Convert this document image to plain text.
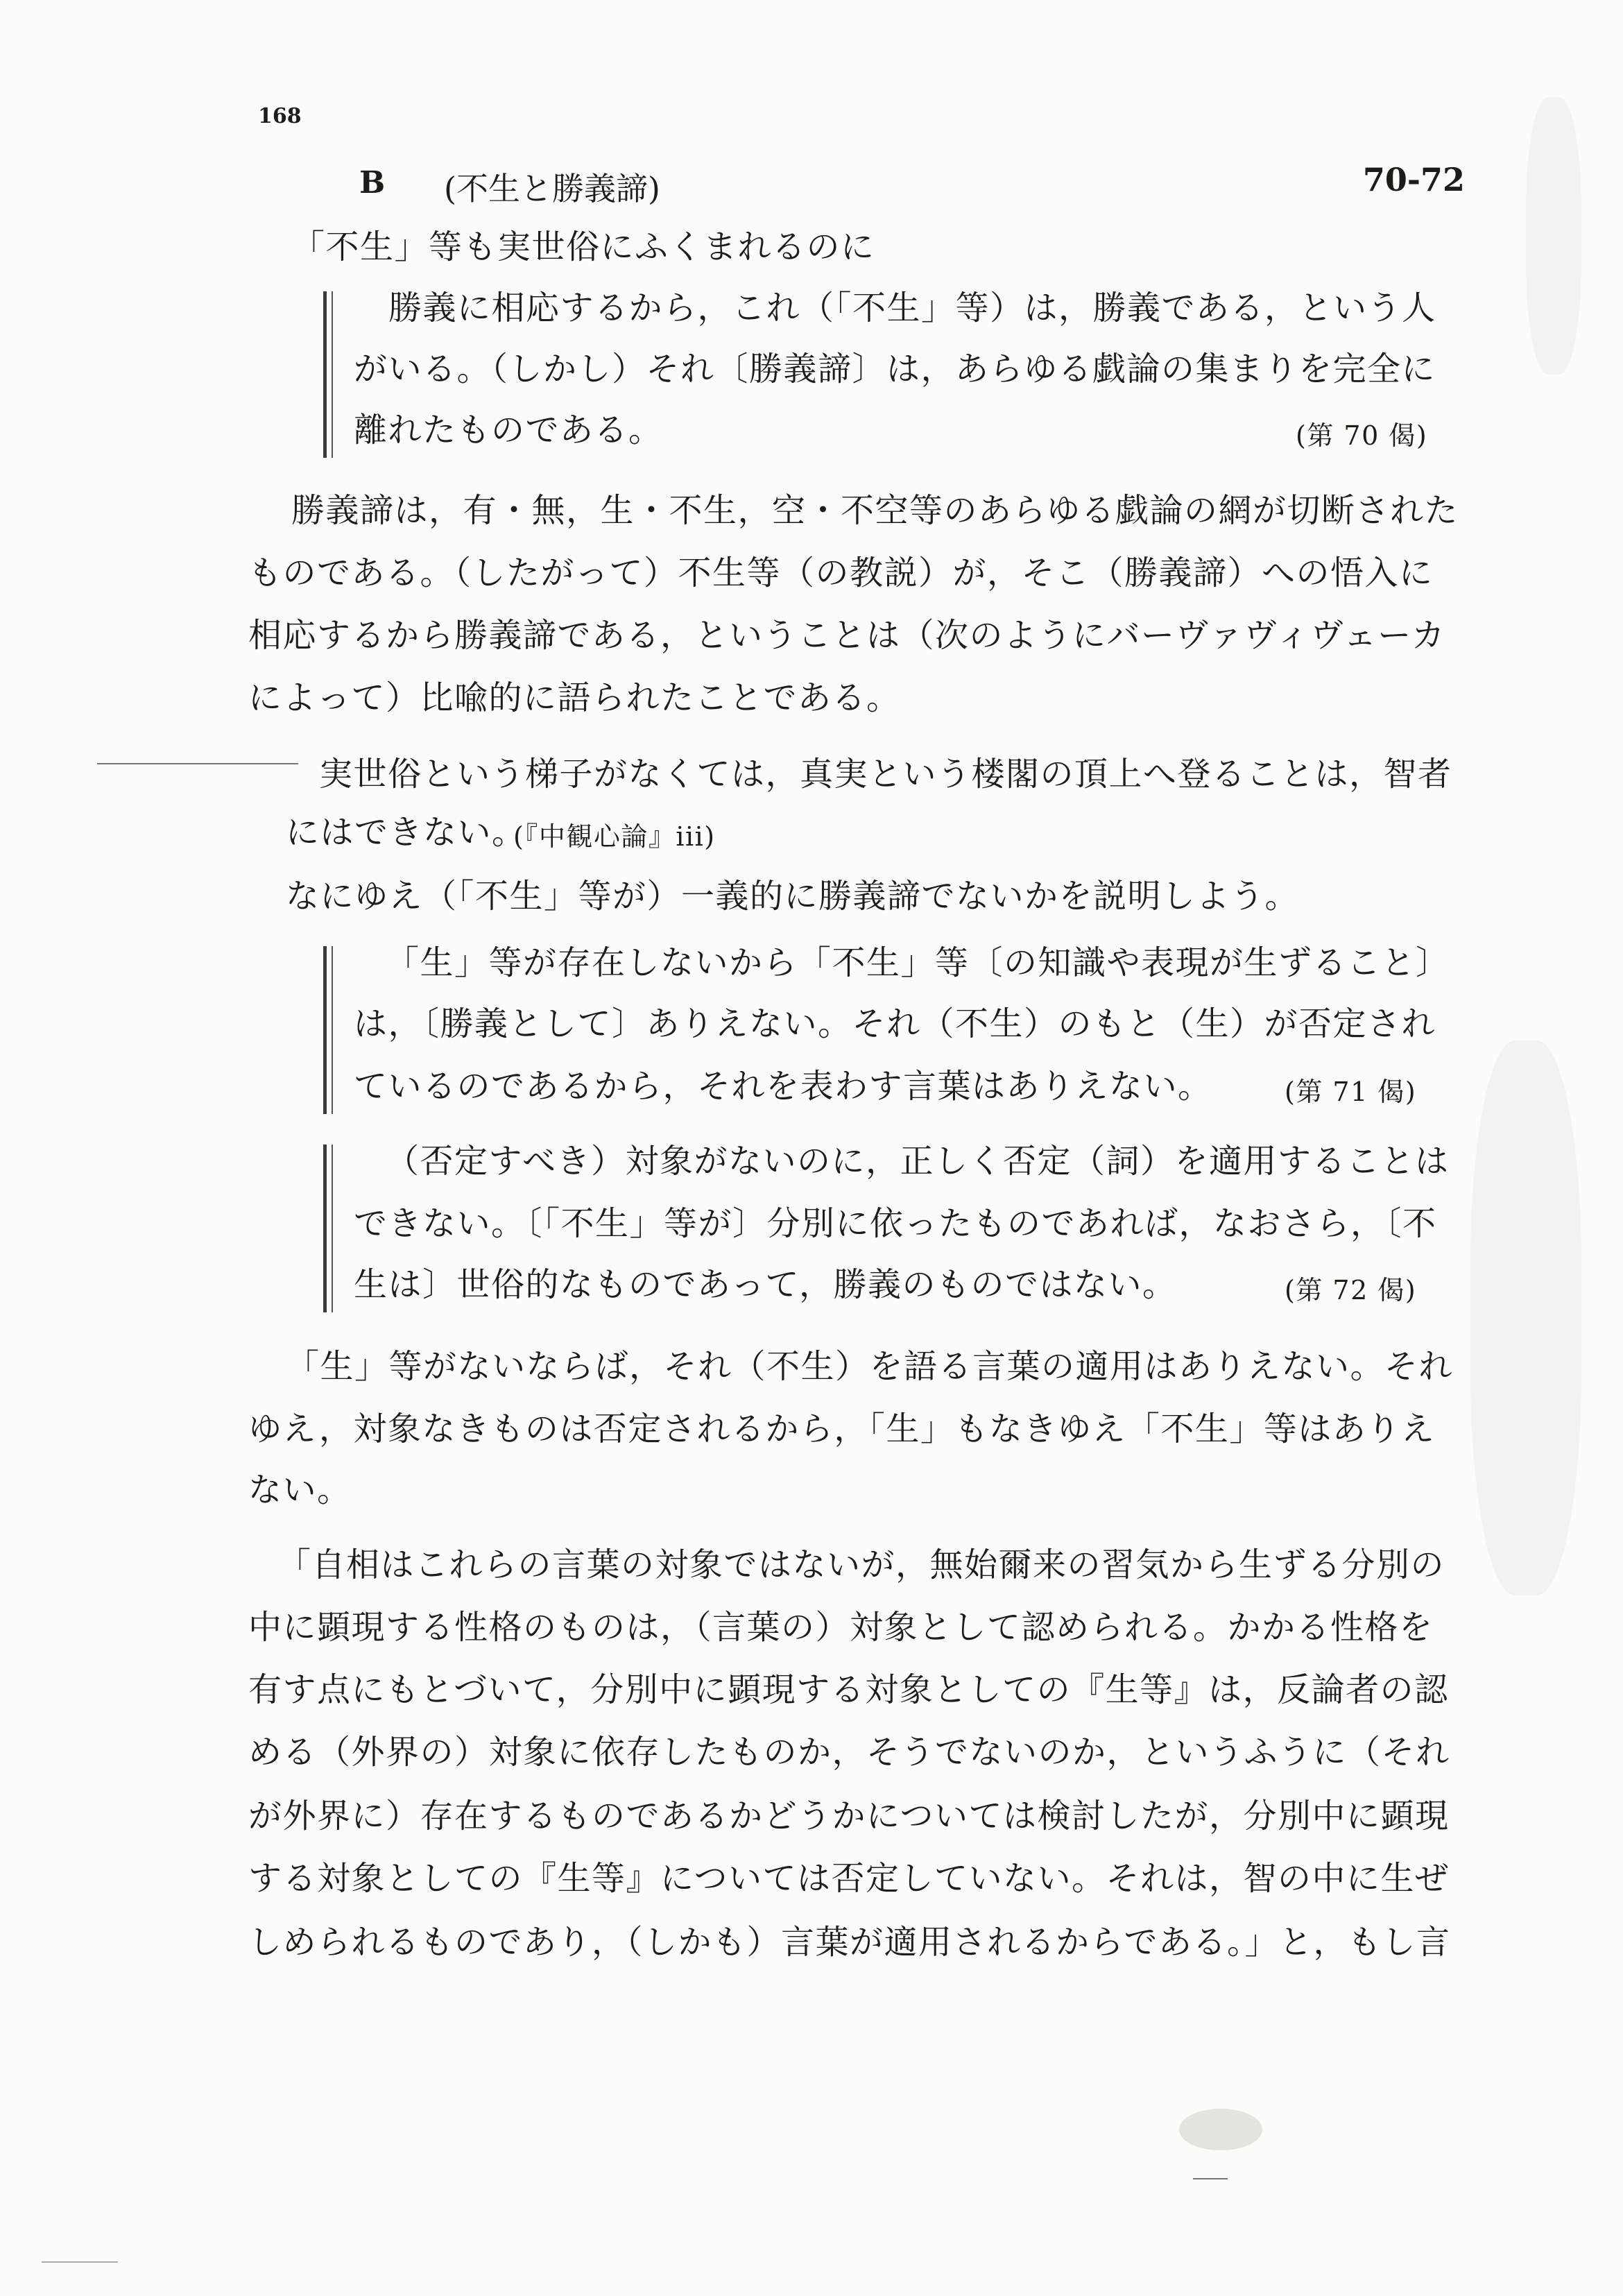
168
B (不生と勝義諦)	70-72
「不生」等も実世俗にふくまれるのに
勝義に相応するから，これ（「不生」等）は，勝義である，という人
がいる。（しかし）それ〔勝義諦〕は，あらゆる戯論の集まりを完全に
離れたものである。	(第 70 偈)
勝義諦は，有・無，生・不生，空・不空等のあらゆる戯論の網が切断された
ものである。（したがって）不生等（の教説）が，そこ（勝義諦）への悟入に
相応するから勝義諦である，ということは（次のようにバーヴァヴィヴェーカ
によって）比喩的に語られたことである。
実世俗という梯子がなくては，真実という楼閣の頂上へ登ることは，智者
にはできない。
(『中観心論』iii)
なにゆえ（「不生」等が）一義的に勝義諦でないかを説明しよう。
「生」等が存在しないから「不生」等〔の知識や表現が生ずること〕
は，〔勝義として〕ありえない。それ（不生）のもと（生）が否定され
ているのであるから，それを表わす言葉はありえない。	(第 71 偈)
（否定すべき）対象がないのに，正しく否定（詞）を適用することは
できない。〔「不生」等が〕分別に依ったものであれば，なおさら，〔不
生は〕世俗的なものであって，勝義のものではない。	(第 72 偈)
「生」等がないならば，それ（不生）を語る言葉の適用はありえない。それ
ゆえ，対象なきものは否定されるから，「生」もなきゆえ「不生」等はありえ
ない。
「自相はこれらの言葉の対象ではないが，無始爾来の習気から生ずる分別の
中に顕現する性格のものは，（言葉の）対象として認められる。かかる性格を
有す点にもとづいて，分別中に顕現する対象としての『生等』は，反論者の認
める（外界の）対象に依存したものか，そうでないのか，というふうに（それ
が外界に）存在するものであるかどうかについては検討したが，分別中に顕現
する対象としての『生等』については否定していない。それは，智の中に生ぜ
しめられるものであり，（しかも）言葉が適用されるからである。」と，もし言
